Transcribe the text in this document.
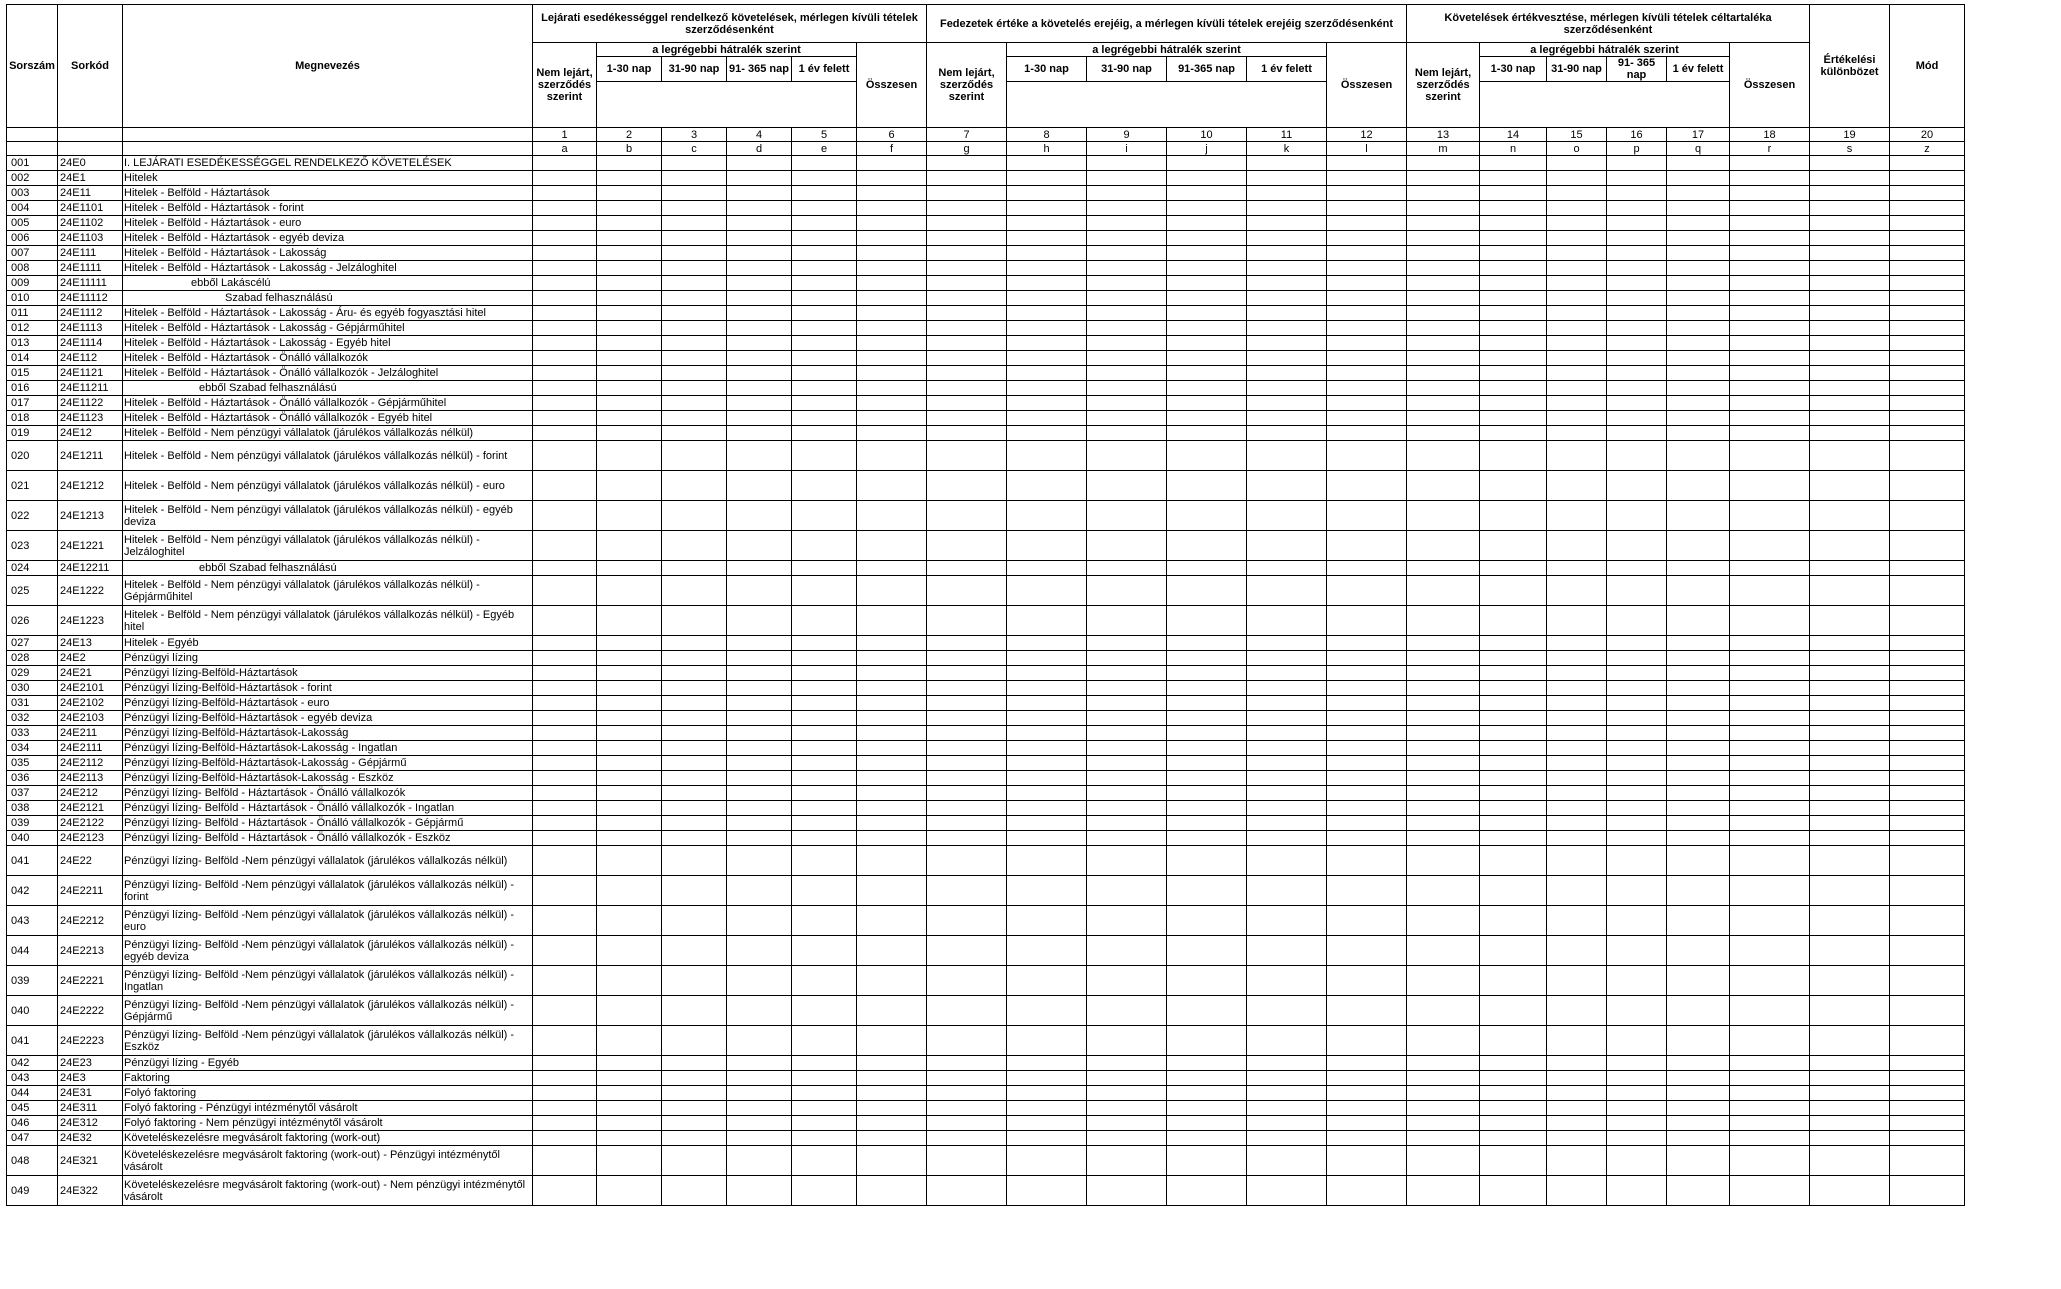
Sorszám	Sorkód	Megnevezés	Lejárati esedékességgel rendelkező követelések, mérlegen kívüli tételek szerződésenként						Fedezetek értéke a követelés erejéig, a mérlegen kívüli tételek erejéig szerződésenként						Követelések értékvesztése, mérlegen kívüli tételek céltartaléka szerződésenként						Értékelési különbözet	Mód
			Nem lejárt, szerződés szerint	a legrégebbi hátralék szerint				Összesen	Nem lejárt, szerződés szerint	a legrégebbi hátralék szerint				Összesen	Nem lejárt, szerződés szerint	a legrégebbi hátralék szerint				Összesen		
				1-30 nap	31-90 nap	91- 365 nap	1 év felett			1-30 nap	31-90 nap	91-365 nap	1 év felett			1-30 nap	31-90 nap	91- 365 nap	1 év felett			

			1	2	3	4	5	6	7	8	9	10	11	12	13	14	15	16	17	18	19	20
			a	b	c	d	e	f	g	h	i	j	k	l	m	n	o	p	q	r	s	z
001	24E0	I. LEJÁRATI ESEDÉKESSÉGGEL RENDELKEZŐ KÖVETELÉSEK																				
002	24E1	Hitelek																				
003	24E11	Hitelek - Belföld - Háztartások																				
004	24E1101	Hitelek - Belföld - Háztartások - forint																				
005	24E1102	Hitelek - Belföld - Háztartások - euro																				
006	24E1103	Hitelek - Belföld - Háztartások - egyéb deviza																				
007	24E111	Hitelek - Belföld - Háztartások - Lakosság																				
008	24E1111	Hitelek - Belföld - Háztartások - Lakosság - Jelzáloghitel																				
009	24E11111	ebből Lakáscélú																				
010	24E11112	Szabad felhasználású																				
011	24E1112	Hitelek - Belföld - Háztartások - Lakosság - Áru- és egyéb fogyasztási hitel																				
012	24E1113	Hitelek - Belföld - Háztartások - Lakosság - Gépjárműhitel																				
013	24E1114	Hitelek - Belföld - Háztartások - Lakosság - Egyéb hitel																				
014	24E112	Hitelek - Belföld - Háztartások - Önálló vállalkozók																				
015	24E1121	Hitelek - Belföld - Háztartások - Önálló vállalkozók - Jelzáloghitel																				
016	24E11211	ebből Szabad felhasználású																				
017	24E1122	Hitelek - Belföld - Háztartások - Önálló vállalkozók - Gépjárműhitel																				
018	24E1123	Hitelek - Belföld - Háztartások - Önálló vállalkozók - Egyéb hitel																				
019	24E12	Hitelek - Belföld - Nem pénzügyi vállalatok (járulékos vállalkozás nélkül)																				
020	24E1211	Hitelek - Belföld - Nem pénzügyi vállalatok (járulékos vállalkozás nélkül) - forint																				
021	24E1212	Hitelek - Belföld - Nem pénzügyi vállalatok (járulékos vállalkozás nélkül) - euro																				
022	24E1213	Hitelek - Belföld - Nem pénzügyi vállalatok (járulékos vállalkozás nélkül) - egyéb deviza																				
023	24E1221	Hitelek - Belföld - Nem pénzügyi vállalatok (járulékos vállalkozás nélkül) - Jelzáloghitel																				
024	24E12211	ebből Szabad felhasználású																				
025	24E1222	Hitelek - Belföld - Nem pénzügyi vállalatok (járulékos vállalkozás nélkül) - Gépjárműhitel																				
026	24E1223	Hitelek - Belföld - Nem pénzügyi vállalatok (járulékos vállalkozás nélkül) - Egyéb hitel																				
027	24E13	Hitelek - Egyéb																				
028	24E2	Pénzügyi lízing																				
029	24E21	Pénzügyi lízing-Belföld-Háztartások																				
030	24E2101	Pénzügyi lízing-Belföld-Háztartások - forint																				
031	24E2102	Pénzügyi lízing-Belföld-Háztartások - euro																				
032	24E2103	Pénzügyi lízing-Belföld-Háztartások - egyéb deviza																				
033	24E211	Pénzügyi lízing-Belföld-Háztartások-Lakosság																				
034	24E2111	Pénzügyi lízing-Belföld-Háztartások-Lakosság - Ingatlan																				
035	24E2112	Pénzügyi lízing-Belföld-Háztartások-Lakosság - Gépjármű																				
036	24E2113	Pénzügyi lízing-Belföld-Háztartások-Lakosság - Eszköz																				
037	24E212	Pénzügyi lízing- Belföld - Háztartások - Önálló vállalkozók																				
038	24E2121	Pénzügyi lízing- Belföld - Háztartások - Önálló vállalkozók - Ingatlan																				
039	24E2122	Pénzügyi lízing- Belföld - Háztartások - Önálló vállalkozók - Gépjármű																				
040	24E2123	Pénzügyi lízing- Belföld - Háztartások - Önálló vállalkozók - Eszköz																				
041	24E22	Pénzügyi lízing- Belföld -Nem pénzügyi vállalatok (járulékos vállalkozás nélkül)																				
042	24E2211	Pénzügyi lízing- Belföld -Nem pénzügyi vállalatok (járulékos vállalkozás nélkül) - forint																				
043	24E2212	Pénzügyi lízing- Belföld -Nem pénzügyi vállalatok (járulékos vállalkozás nélkül) - euro																				
044	24E2213	Pénzügyi lízing- Belföld -Nem pénzügyi vállalatok (járulékos vállalkozás nélkül) - egyéb deviza																				
039	24E2221	Pénzügyi lízing- Belföld -Nem pénzügyi vállalatok (járulékos vállalkozás nélkül) - Ingatlan																				
040	24E2222	Pénzügyi lízing- Belföld -Nem pénzügyi vállalatok (járulékos vállalkozás nélkül) - Gépjármű																				
041	24E2223	Pénzügyi lízing- Belföld -Nem pénzügyi vállalatok (járulékos vállalkozás nélkül) - Eszköz																				
042	24E23	Pénzügyi lízing - Egyéb																				
043	24E3	Faktoring																				
044	24E31	Folyó faktoring																				
045	24E311	Folyó faktoring - Pénzügyi intézménytől vásárolt																				
046	24E312	Folyó faktoring - Nem pénzügyi intézménytől vásárolt																				
047	24E32	Követeléskezelésre megvásárolt faktoring (work-out)																				
048	24E321	Követeléskezelésre megvásárolt faktoring (work-out) - Pénzügyi intézménytől vásárolt																				
049	24E322	Követeléskezelésre megvásárolt faktoring (work-out) - Nem pénzügyi intézménytől vásárolt																				
